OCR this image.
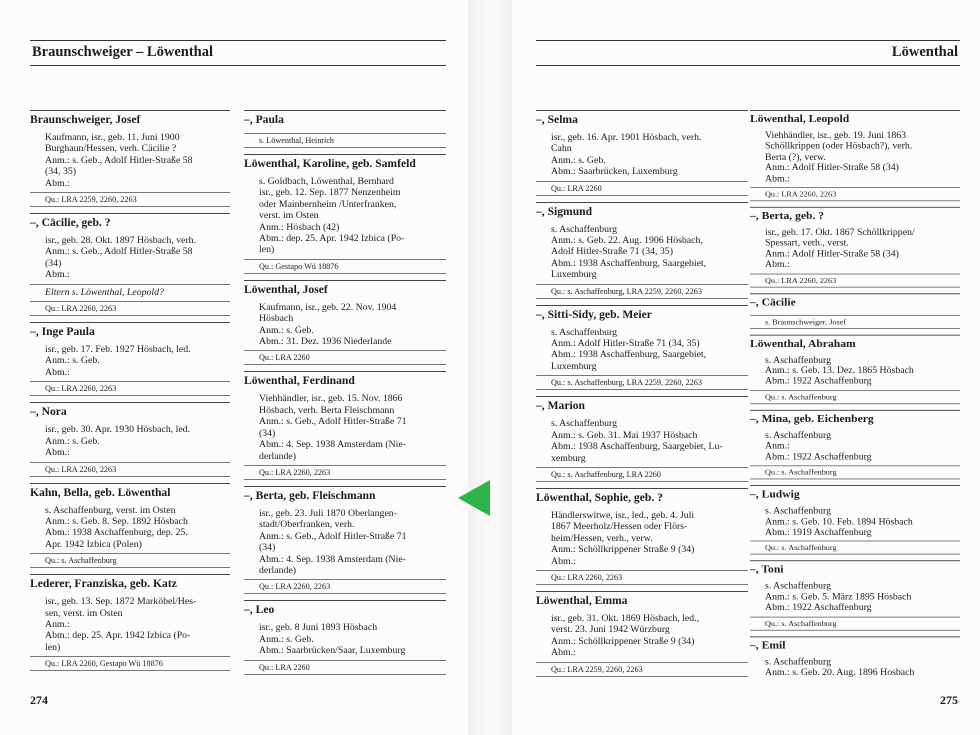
Braunschweiger – Löwenthal
Braunschweiger, Josef
Kaufmann, isr., geb. 11. Juni 1900
Burghaun/Hessen, verh. Cäcilie ?
Anm.: s. Geb., Adolf Hitler-Straße 58
(34, 35)
Abm.:
Qu.: LRA 2259, 2260, 2263
–, Cäcilie, geb. ?
isr., geb. 28. Okt. 1897 Hösbach, verh.
Anm.: s. Geb., Adolf Hitler-Straße 58
(34)
Abm.:
Eltern s. Löwenthal, Leopold?
Qu.: LRA 2260, 2263
–, Inge Paula
isr., geb. 17. Feb. 1927 Hösbach, led.
Anm.: s. Geb.
Abm.:
Qu.: LRA 2260, 2263
–, Nora
isr., geb. 30. Apr. 1930 Hösbach, led.
Anm.: s. Geb.
Abm.:
Qu.: LRA 2260, 2263
Kahn, Bella, geb. Löwenthal
s. Aschaffenburg, verst. im Osten
Anm.: s. Geb. 8. Sep. 1892 Hösbach
Abm.: 1938 Aschaffenburg, dep. 25.
Apr. 1942 Izbica (Polen)
Qu.: s. Aschaffenburg
Lederer, Franziska, geb. Katz
isr., geb. 13. Sep. 1872 Marköbel/Hes-
sen, verst. im Osten
Anm.:
Abm.: dep. 25. Apr. 1942 Izbica (Po-
len)
Qu.: LRA 2260, Gestapo Wü 18876
–, Paula
s. Löwenthal, Heinrich
Löwenthal, Karoline, geb. Samfeld
s. Goldbach, Löwenthal, Bernhard
isr., geb. 12. Sep. 1877 Nenzenheim
oder Mainbernheim /Unterfranken,
verst. im Osten
Anm.: Hösbach (42)
Abm.: dep. 25. Apr. 1942 Izbica (Po-
len)
Qu.: Gestapo Wü 18876
Löwenthal, Josef
Kaufmann, isr., geb. 22. Nov. 1904
Hösbach
Anm.: s. Geb.
Abm.: 31. Dez. 1936 Niederlande
Qu.: LRA 2260
Löwenthal, Ferdinand
Viehhändler, isr., geb. 15. Nov. 1866
Hösbach, verh. Berta Fleischmann
Anm.: s. Geb., Adolf Hitler-Straße 71
(34)
Abm.: 4. Sep. 1938 Amsterdam (Nie-
derlande)
Qu.: LRA 2260, 2263
–, Berta, geb. Fleischmann
isr., geb. 23. Juli 1870 Oberlangen-
stadt/Oberfranken, verh.
Anm.: s. Geb., Adolf Hitler-Straße 71
(34)
Abm.: 4. Sep. 1938 Amsterdam (Nie-
derlande)
Qu.: LRA 2260, 2263
–, Leo
isr., geb. 8 Juni 1893 Hösbach
Anm.: s. Geb.
Abm.: Saarbrücken/Saar, Luxemburg
Qu.: LRA 2260
274
Löwenthal
–, Selma
isr., geb. 16. Apr. 1901 Hösbach, verh.
Cahn
Anm.: s. Geb.
Abm.: Saarbrücken, Luxemburg
Qu.: LRA 2260
–, Sigmund
s. Aschaffenburg
Anm.: s. Geb. 22. Aug. 1906 Hösbach,
Adolf Hitler-Straße 71 (34, 35)
Abm.: 1938 Aschaffenburg, Saargebiet,
Luxemburg
Qu.: s. Aschaffenburg, LRA 2259, 2260, 2263
–, Sitti-Sidy, geb. Meier
s. Aschaffenburg
Anm.: Adolf Hitler-Straße 71 (34, 35)
Abm.: 1938 Aschaffenburg, Saargebiet,
Luxemburg
Qu.: s. Aschaffenburg, LRA 2259, 2260, 2263
–, Marion
s. Aschaffenburg
Anm.: s. Geb. 31. Mai 1937 Hösbach
Abm.: 1938 Aschaffenburg, Saargebiet, Lu-
xemburg
Qu.: s. Aschaffenburg, LRA 2260
Löwenthal, Sophie, geb. ?
Händlerswitwe, isr., led., geb. 4. Juli
1867 Meerholz/Hessen oder Flörs-
heim/Hessen, verh., verw.
Anm.: Schöllkrippener Straße 9 (34)
Abm.:
Qu.: LRA 2260, 2263
Löwenthal, Emma
isr., geb. 31. Okt. 1869 Hösbach, led.,
verst. 23. Juni 1942 Würzburg
Anm.: Schöllkrippener Straße 9 (34)
Abm.:
Qu.: LRA 2259, 2260, 2263
Löwenthal, Leopold
Viehhändler, isr., geb. 19. Juni 1863
Schöllkrippen (oder Hösbach?), verh.
Berta (?), verw.
Anm.: Adolf Hitler-Straße 58 (34)
Abm.:
Qu.: LRA 2260, 2263
–, Berta, geb. ?
isr., geb. 17. Okt. 1867 Schöllkrippen/
Spessart, verh., verst.
Anm.: Adolf Hitler-Straße 58 (34)
Abm.:
Qu.: LRA 2260, 2263
–, Cäcilie
s. Braunschweiger, Josef
Löwenthal, Abraham
s. Aschaffenburg
Anm.: s. Geb. 13. Dez. 1865 Hösbach
Abm.: 1922 Aschaffenburg
Qu.: s. Aschaffenburg
–, Mina, geb. Eichenberg
s. Aschaffenburg
Anm.:
Abm.: 1922 Aschaffenburg
Qu.: s. Aschaffenburg
–, Ludwig
s. Aschaffenburg
Anm.: s. Geb. 10. Feb. 1894 Hösbach
Abm.: 1919 Aschaffenburg
Qu.: s. Aschaffenburg
–, Toni
s. Aschaffenburg
Anm.: s. Geb. 5. März 1895 Hösbach
Abm.: 1922 Aschaffenburg
Qu.: s. Aschaffenburg
–, Emil
s. Aschaffenburg
Anm.: s. Geb. 20. Aug. 1896 Hosbach
275
